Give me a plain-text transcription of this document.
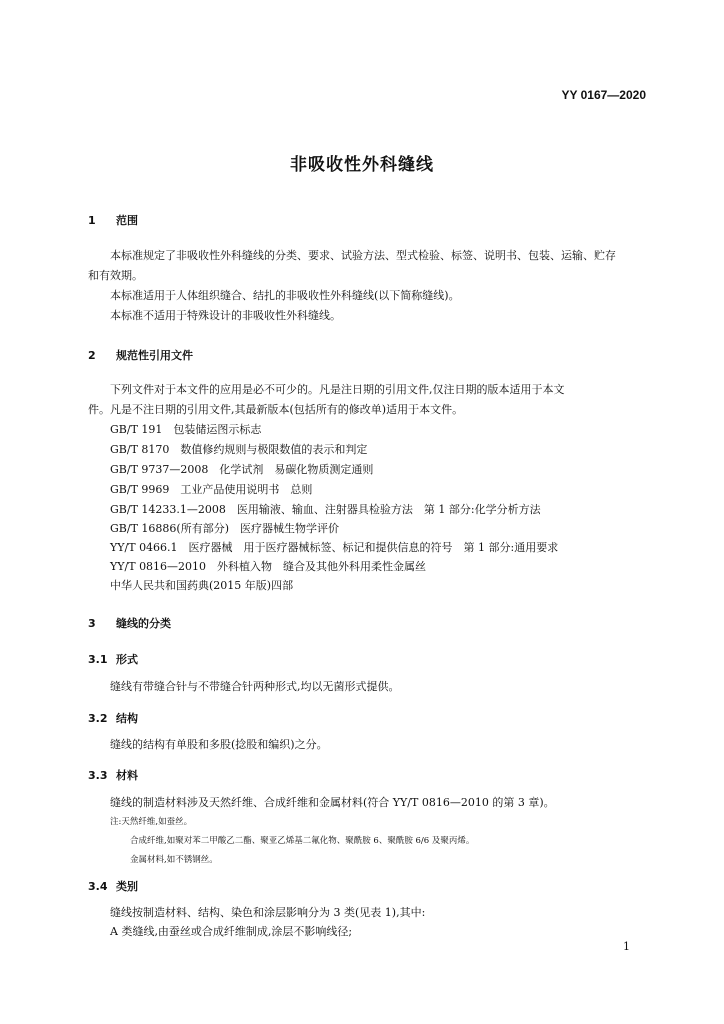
YY 0167—2020
非吸收性外科缝线
1 范围
本标准规定了非吸收性外科缝线的分类、要求、试验方法、型式检验、标签、说明书、包装、运输、贮存
和有效期。
本标准适用于人体组织缝合、结扎的非吸收性外科缝线(以下简称缝线)。
本标准不适用于特殊设计的非吸收性外科缝线。
2 规范性引用文件
下列文件对于本文件的应用是必不可少的。凡是注日期的引用文件,仅注日期的版本适用于本文
件。凡是不注日期的引用文件,其最新版本(包括所有的修改单)适用于本文件。
GB/T 191　包装储运图示标志
GB/T 8170　数值修约规则与极限数值的表示和判定
GB/T 9737—2008　化学试剂　易碳化物质测定通则
GB/T 9969　工业产品使用说明书　总则
GB/T 14233.1—2008　医用输液、输血、注射器具检验方法　第 1 部分:化学分析方法
GB/T 16886(所有部分)　医疗器械生物学评价
YY/T 0466.1　医疗器械　用于医疗器械标签、标记和提供信息的符号　第 1 部分:通用要求
YY/T 0816—2010　外科植入物　缝合及其他外科用柔性金属丝
中华人民共和国药典(2015 年版)四部
3 缝线的分类
3.1 形式
缝线有带缝合针与不带缝合针两种形式,均以无菌形式提供。
3.2 结构
缝线的结构有单股和多股(捻股和编织)之分。
3.3 材料
缝线的制造材料涉及天然纤维、合成纤维和金属材料(符合 YY/T 0816—2010 的第 3 章)。
注:天然纤维,如蚕丝。
合成纤维,如聚对苯二甲酸乙二酯、聚亚乙烯基二氟化物、聚酰胺 6、聚酰胺 6/6 及聚丙烯。
金属材料,如不锈钢丝。
3.4 类别
缝线按制造材料、结构、染色和涂层影响分为 3 类(见表 1),其中:
A 类缝线,由蚕丝或合成纤维制成,涂层不影响线径;
1
